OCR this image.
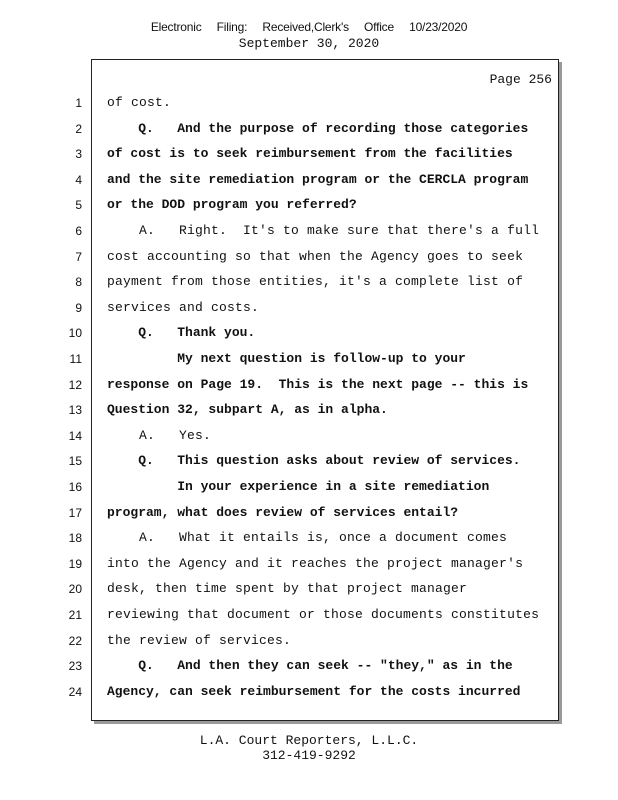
Electronic Filing: Received,Clerk's Office 10/23/2020
September 30, 2020
Page 256
1 of cost.
2 Q.   And the purpose of recording those categories
3 of cost is to seek reimbursement from the facilities
4 and the site remediation program or the CERCLA program
5 or the DOD program you referred?
6 A.   Right.  It's to make sure that there's a full
7 cost accounting so that when the Agency goes to seek
8 payment from those entities, it's a complete list of
9 services and costs.
10 Q.   Thank you.
11 My next question is follow-up to your
12 response on Page 19.  This is the next page -- this is
13 Question 32, subpart A, as in alpha.
14 A.   Yes.
15 Q.   This question asks about review of services.
16 In your experience in a site remediation
17 program, what does review of services entail?
18 A.   What it entails is, once a document comes
19 into the Agency and it reaches the project manager's
20 desk, then time spent by that project manager
21 reviewing that document or those documents constitutes
22 the review of services.
23 Q.   And then they can seek -- "they," as in the
24 Agency, can seek reimbursement for the costs incurred
L.A. Court Reporters, L.L.C.
312-419-9292
